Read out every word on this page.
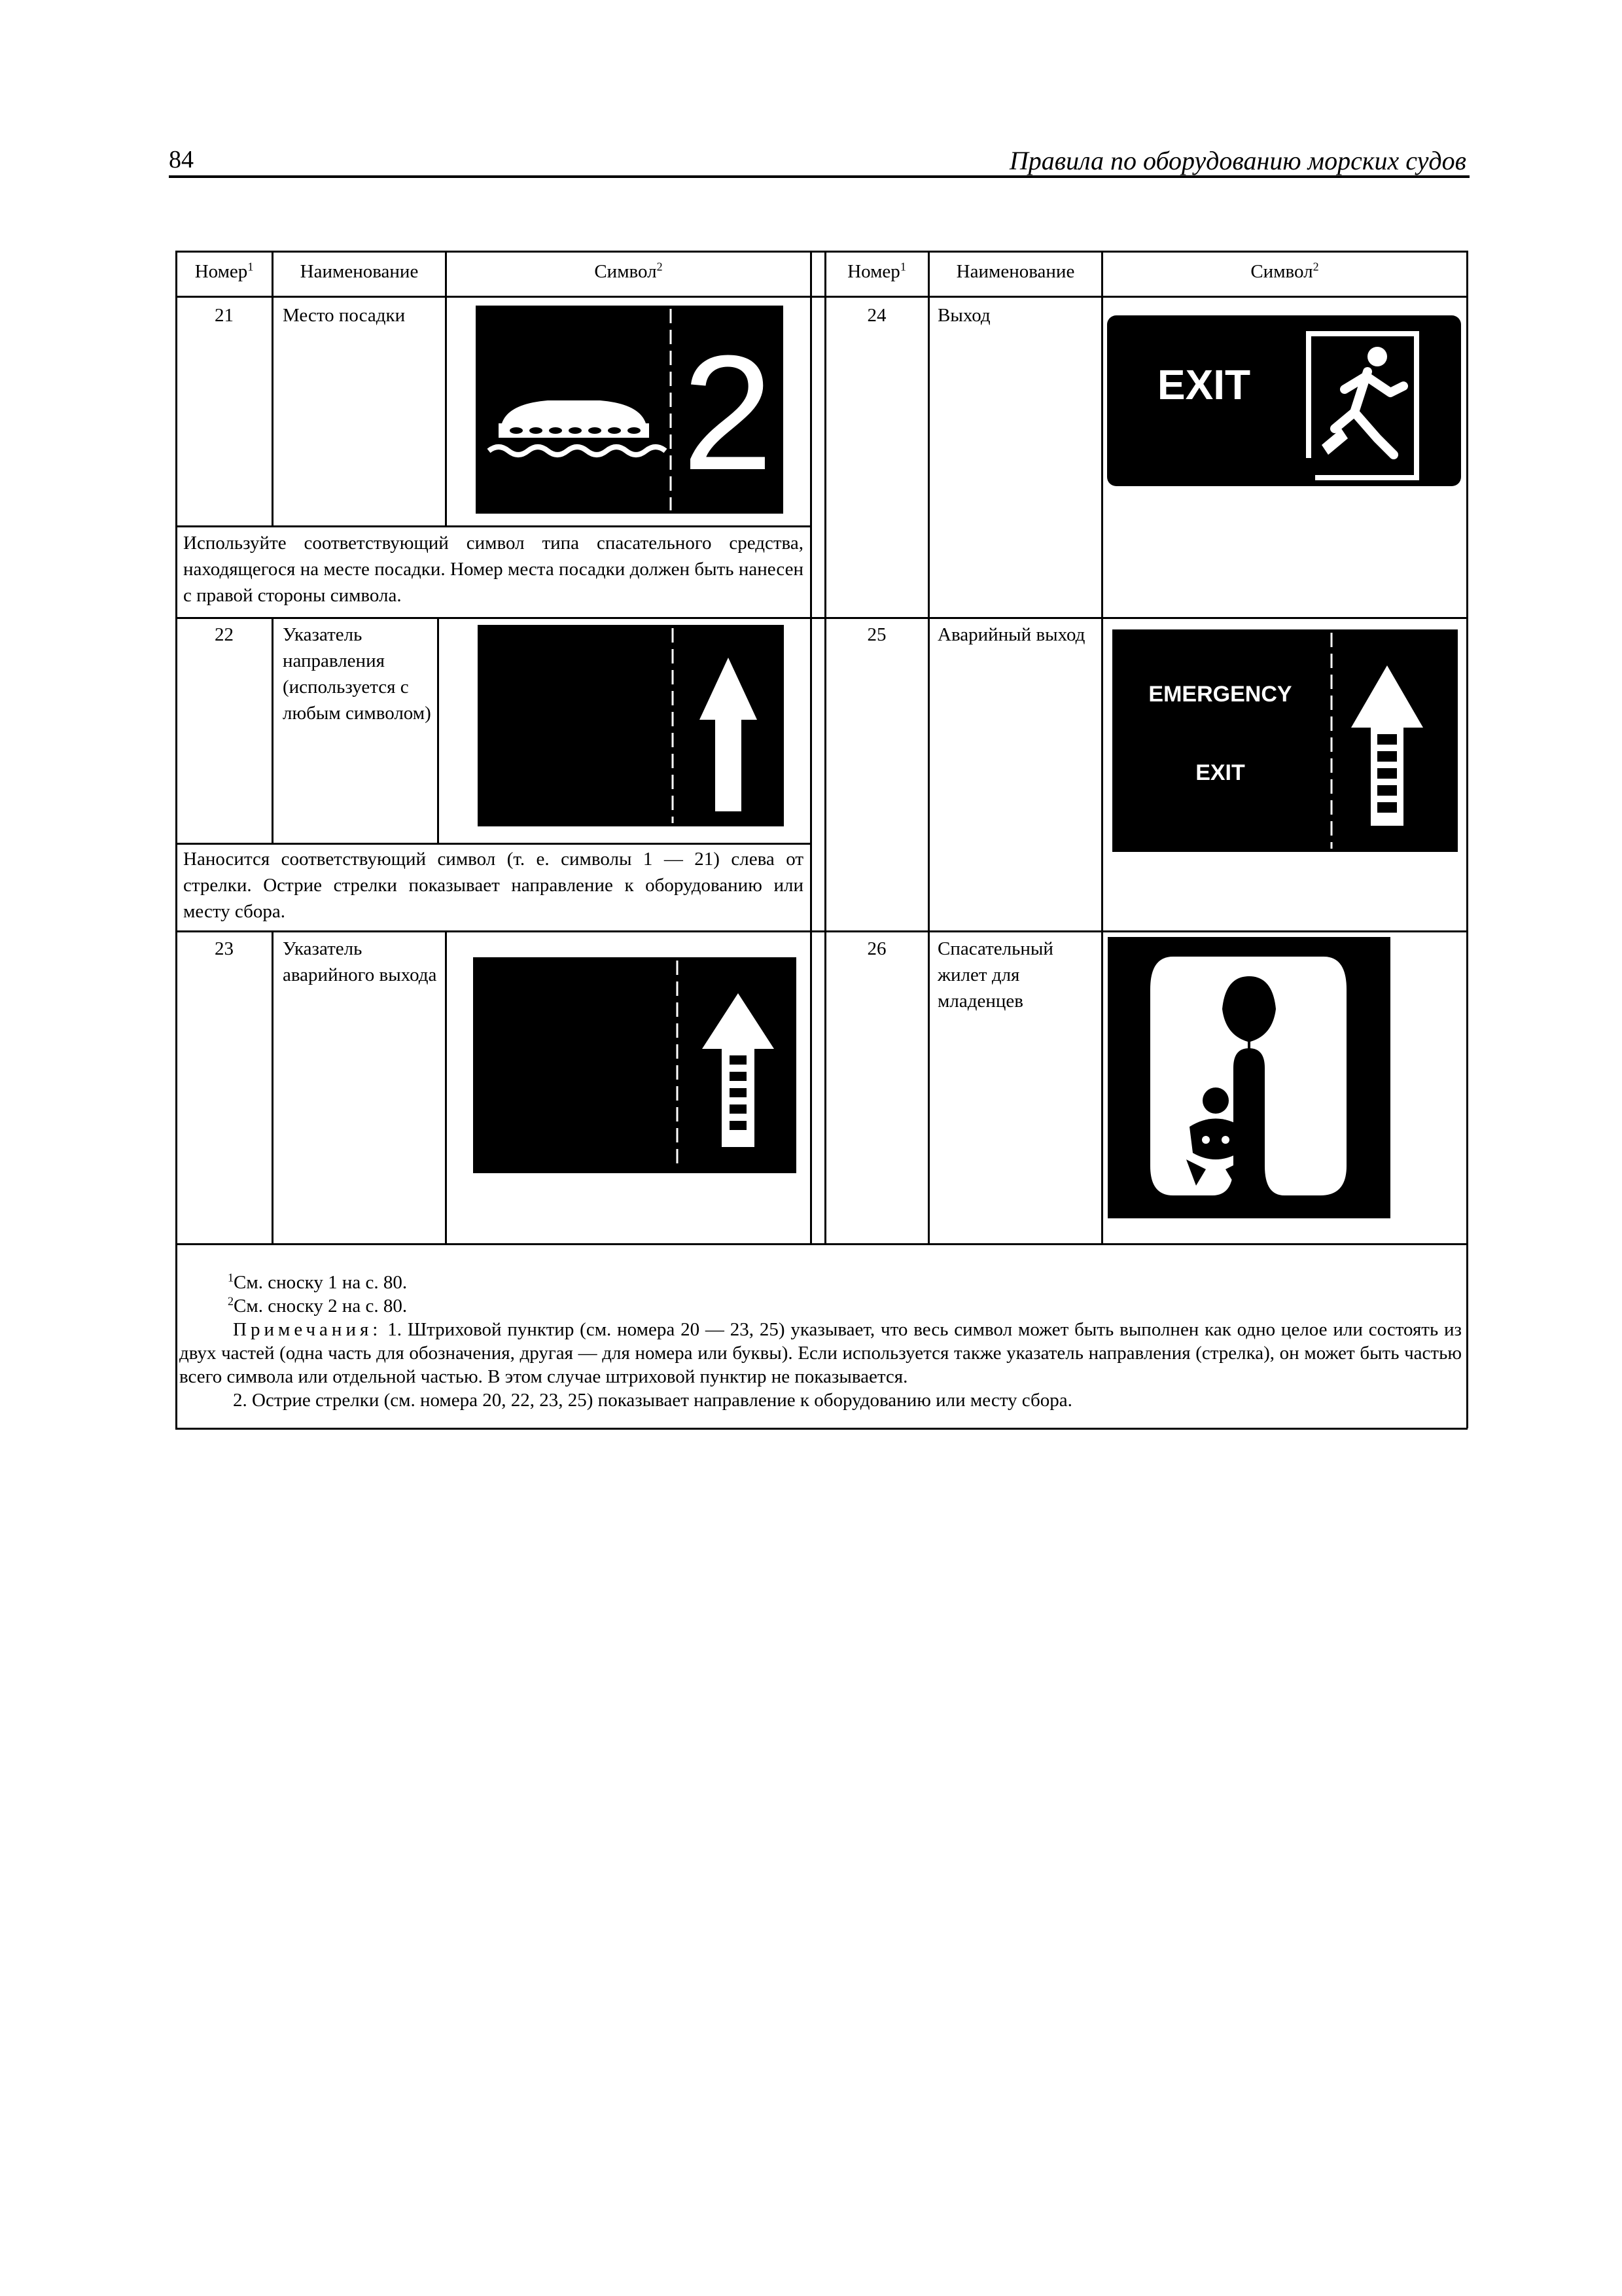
84	Правила по оборудованию морских судов
Номер$^1$	Наименование	Символ$^2$	Номер$^1$	Наименование	Символ$^2$
21	Место посадки
2
Используйте соответствующий символ типа спасательного средства, находящегося на месте посадки. Номер места посадки должен быть нанесен с правой стороны символа.
22	Указатель направления (используется с любым символом)
Наносится соответствующий символ (т. е. символы 1 — 21) слева от стрелки. Острие стрелки показывает направление к оборудованию или месту сбора.
23	Указатель аварийного выхода
24	Выход
EXIT
25	Аварийный выход
EMERGENCY
EXIT
26	Спасательный жилет для младенцев
$^1$См. сноску 1 на с. 80.
$^2$См. сноску 2 на с. 80.
Примечания: 1. Штриховой пунктир (см. номера 20 — 23, 25) указывает, что весь символ может быть выполнен как одно целое или состоять из двух частей (одна часть для обозначения, другая — для номера или буквы). Если используется также указатель направления (стрелка), он может быть частью всего символа или отдельной частью. В этом случае штриховой пунктир не показывается.
2. Острие стрелки (см. номера 20, 22, 23, 25) показывает направление к оборудованию или месту сбора.
